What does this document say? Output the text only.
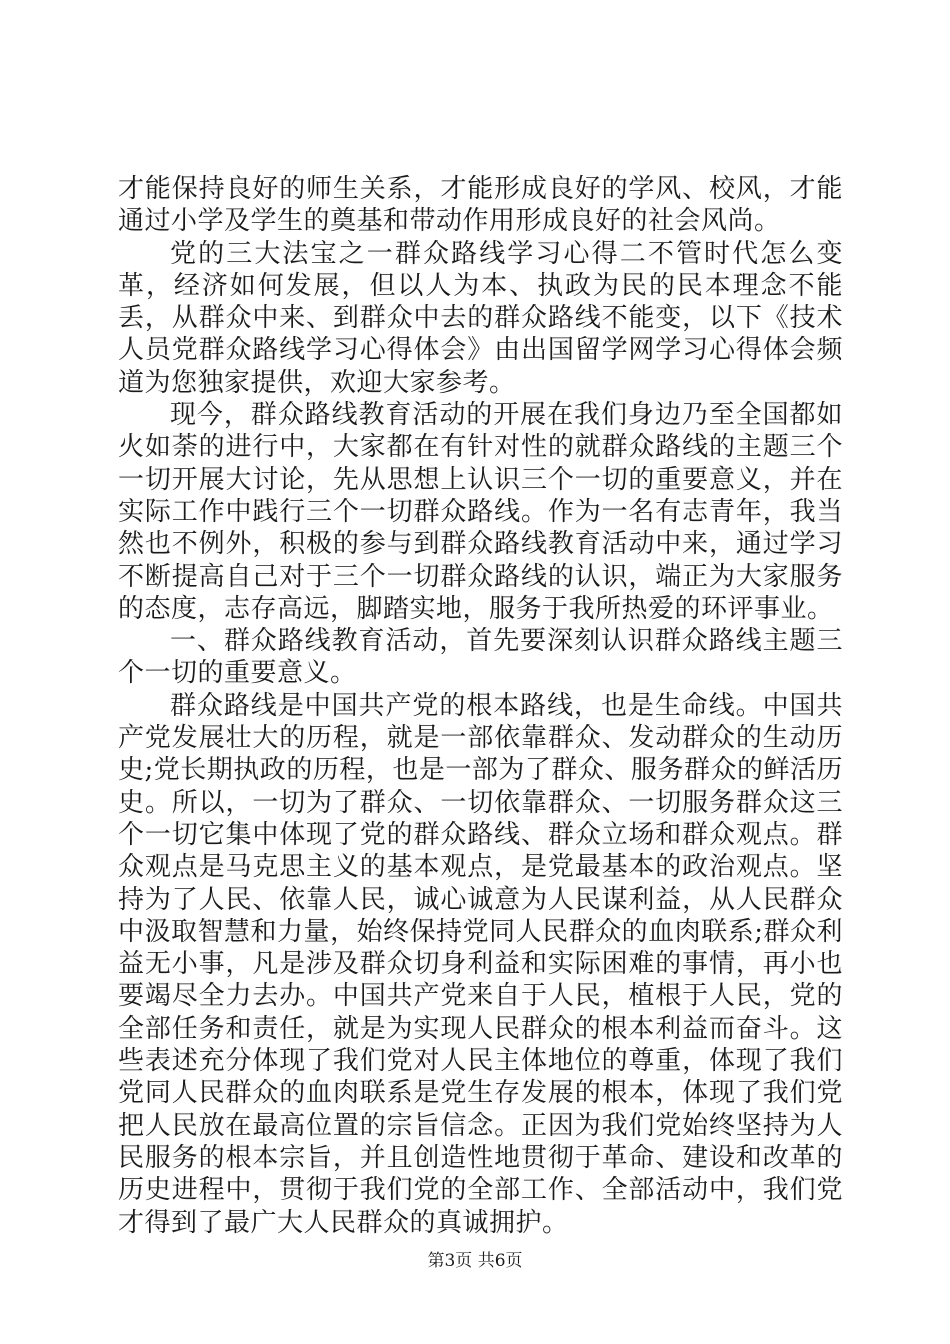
才能保持良好的师生关系，才能形成良好的学风、校风，才能通过小学及学生的奠基和带动作用形成良好的社会风尚。

党的三大法宝之一群众路线学习心得二不管时代怎么变革，经济如何发展，但以人为本、执政为民的民本理念不能丢，从群众中来、到群众中去的群众路线不能变，以下《技术人员党群众路线学习心得体会》由出国留学网学习心得体会频道为您独家提供，欢迎大家参考。

现今，群众路线教育活动的开展在我们身边乃至全国都如火如荼的进行中，大家都在有针对性的就群众路线的主题三个一切开展大讨论，先从思想上认识三个一切的重要意义，并在实际工作中践行三个一切群众路线。作为一名有志青年，我当然也不例外，积极的参与到群众路线教育活动中来，通过学习不断提高自己对于三个一切群众路线的认识，端正为大家服务的态度，志存高远，脚踏实地，服务于我所热爱的环评事业。

一、群众路线教育活动，首先要深刻认识群众路线主题三个一切的重要意义。

群众路线是中国共产党的根本路线，也是生命线。中国共产党发展壮大的历程，就是一部依靠群众、发动群众的生动历史;党长期执政的历程，也是一部为了群众、服务群众的鲜活历史。所以，一切为了群众、一切依靠群众、一切服务群众这三个一切它集中体现了党的群众路线、群众立场和群众观点。群众观点是马克思主义的基本观点，是党最基本的政治观点。坚持为了人民、依靠人民，诚心诚意为人民谋利益，从人民群众中汲取智慧和力量，始终保持党同人民群众的血肉联系;群众利益无小事，凡是涉及群众切身利益和实际困难的事情，再小也要竭尽全力去办。中国共产党来自于人民，植根于人民，党的全部任务和责任，就是为实现人民群众的根本利益而奋斗。这些表述充分体现了我们党对人民主体地位的尊重，体现了我们党同人民群众的血肉联系是党生存发展的根本，体现了我们党把人民放在最高位置的宗旨信念。正因为我们党始终坚持为人民服务的根本宗旨，并且创造性地贯彻于革命、建设和改革的历史进程中，贯彻于我们党的全部工作、全部活动中，我们党才得到了最广大人民群众的真诚拥护。

第3页 共6页
